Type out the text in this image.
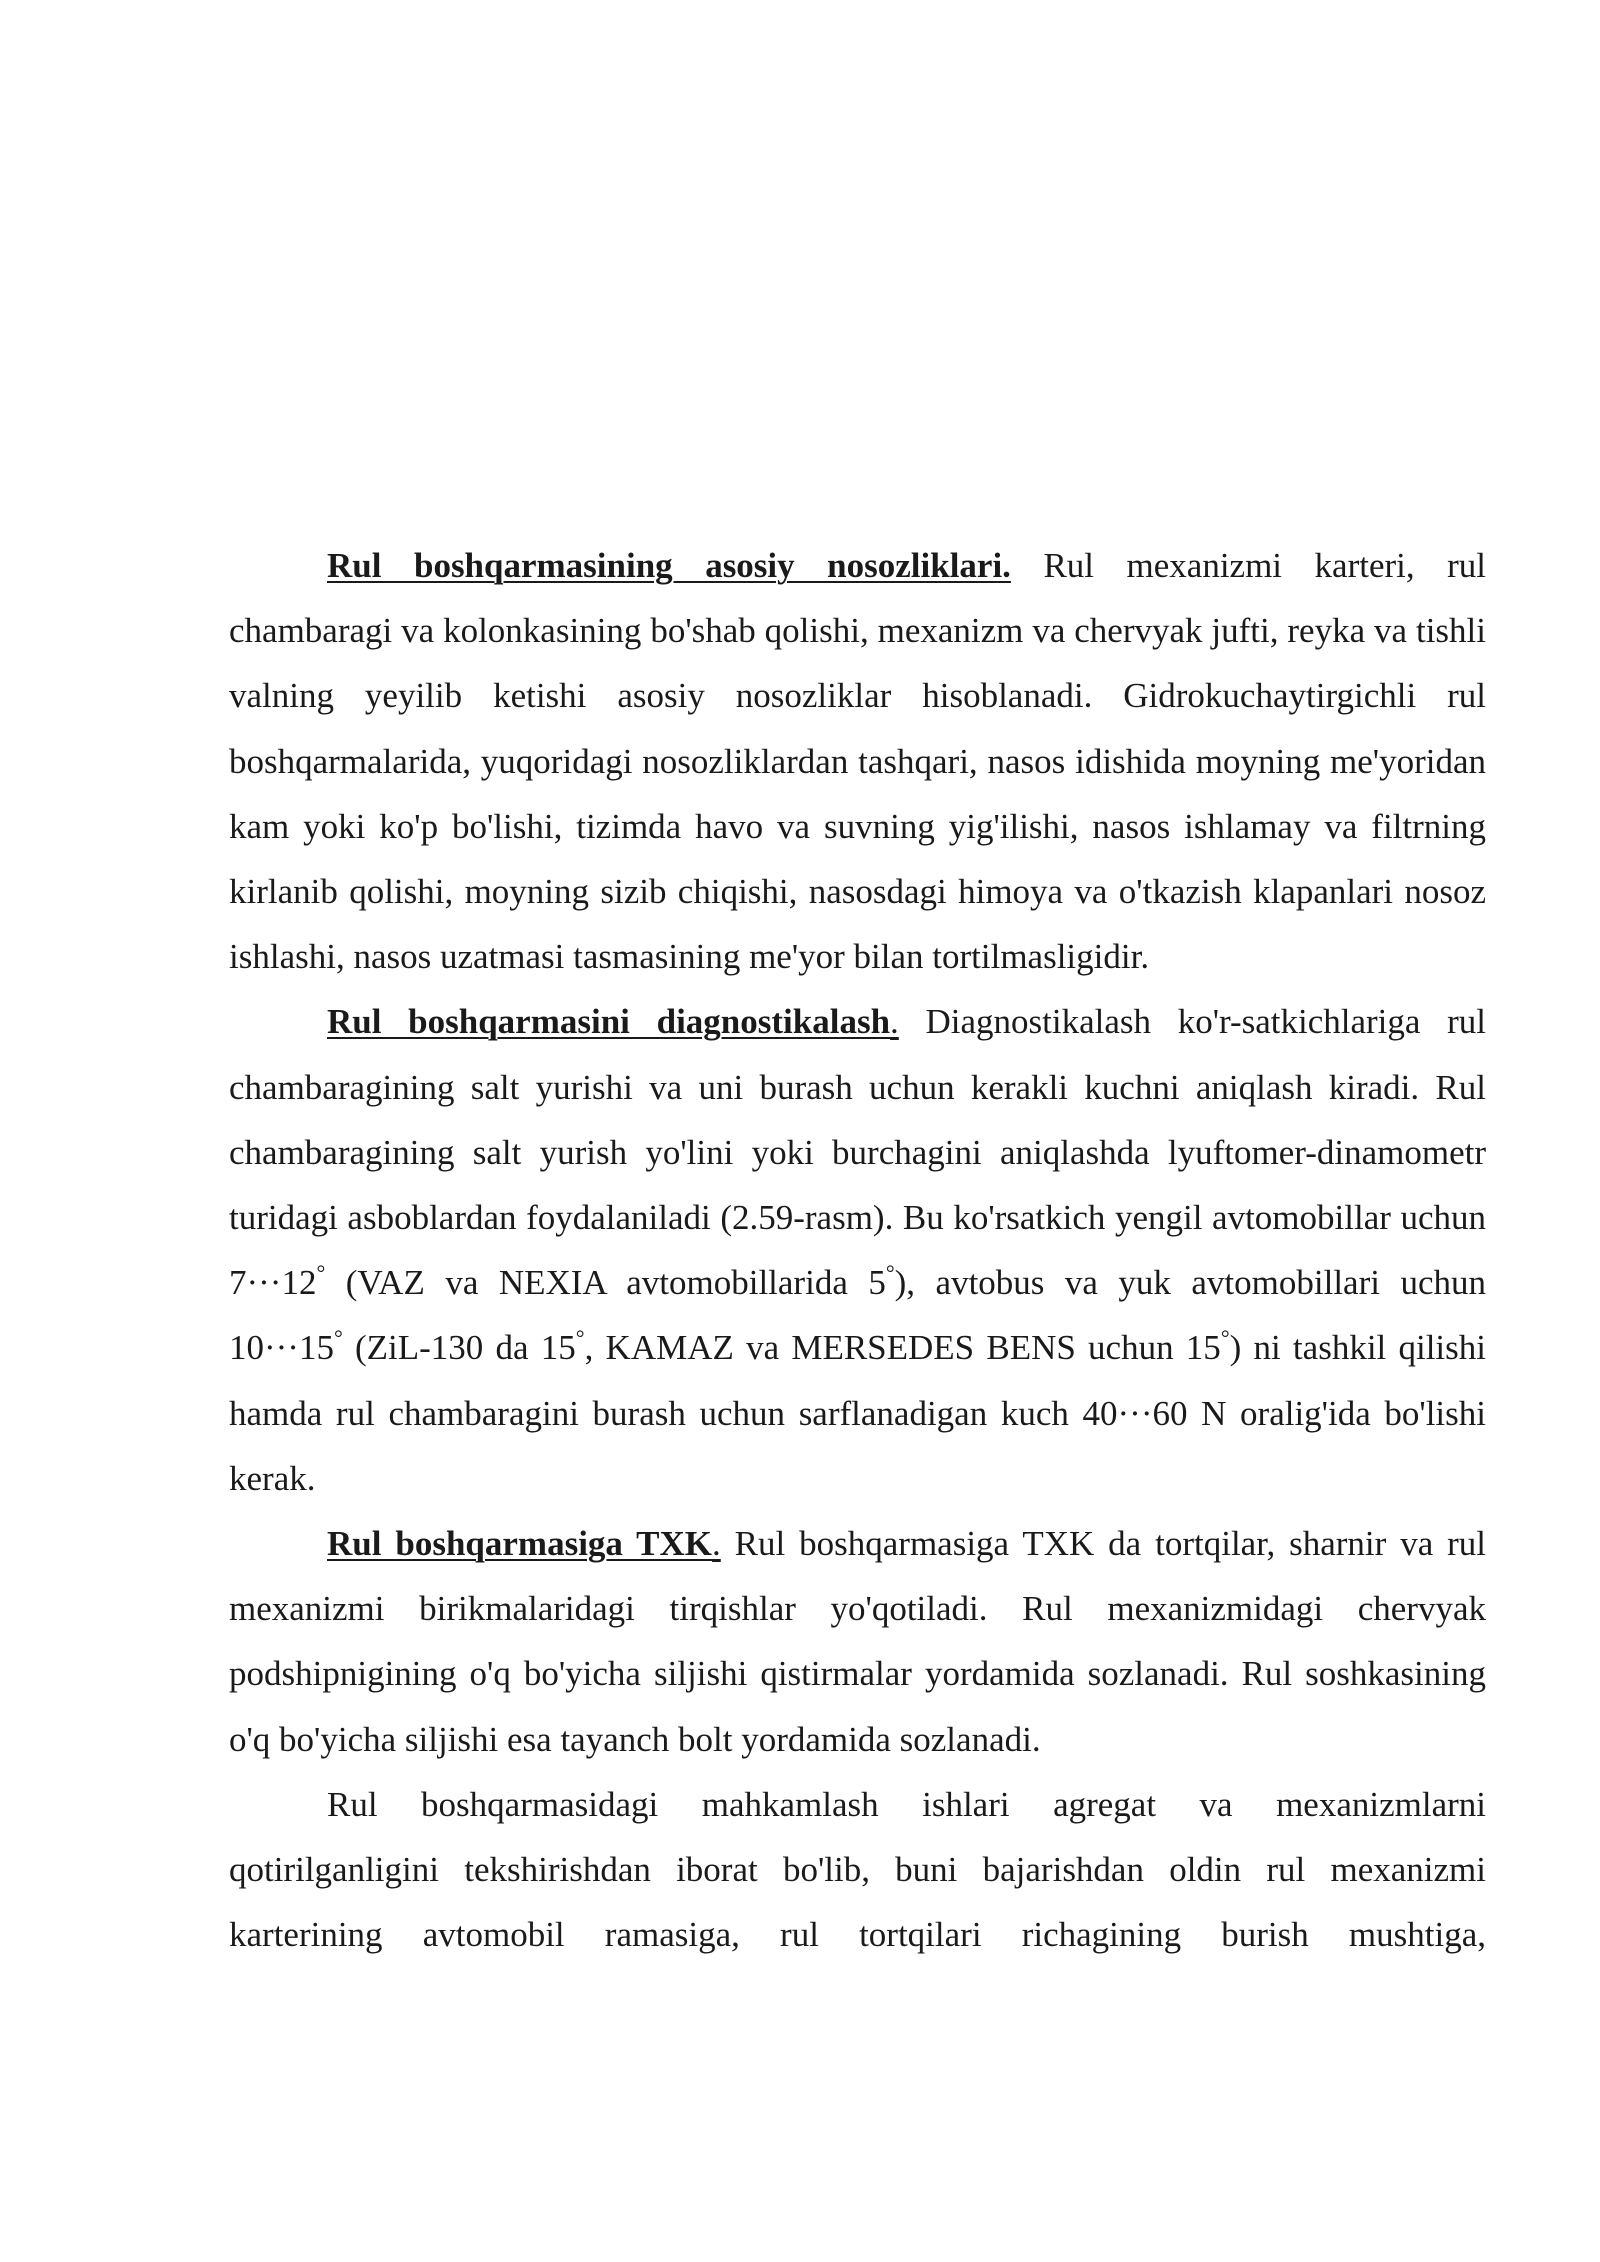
Rul boshqarmasining asosiy nosozliklari. Rul mexanizmi karteri, rul chambaragi va kolonkasining bo'shab qolishi, mexanizm va chervyak jufti, reyka va tishli valning yeyilib ketishi asosiy nosozliklar hisoblanadi. Gidrokuchaytirgichli rul boshqarmalarida, yuqoridagi nosozliklardan tashqari, nasos idishida moyning me'yoridan kam yoki ko'p bo'lishi, tizimda havo va suvning yig'ilishi, nasos ishlamay va filtrning kirlanib qolishi, moyning sizib chiqishi, nasosdagi himoya va o'tkazish klapanlari nosoz ishlashi, nasos uzatmasi tasmasining me'yor bilan tortilmasligidir.

Rul boshqarmasini diagnostikalash. Diagnostikalash ko'r-satkichlariga rul chambaragining salt yurishi va uni burash uchun kerakli kuchni aniqlash kiradi. Rul chambaragining salt yurish yo'lini yoki burchagini aniqlashda lyuftomer-dinamometr turidagi asboblardan foydalaniladi (2.59-rasm). Bu ko'rsatkich yengil avtomobillar uchun 7···12° (VAZ va NEXIA avtomobillarida 5°), avtobus va yuk avtomobillari uchun 10···15° (ZiL-130 da 15°, KAMAZ va MERSEDES BENS uchun 15°) ni tashkil qilishi hamda rul chambaragini burash uchun sarflanadigan kuch 40···60 N oralig'ida bo'lishi kerak.

Rul boshqarmasiga TXK. Rul boshqarmasiga TXK da tortqilar, sharnir va rul mexanizmi birikmalaridagi tirqishlar yo'qotiladi. Rul mexanizmidagi chervyak podshipnigining o'q bo'yicha siljishi qistirmalar yordamida sozlanadi. Rul soshkasining o'q bo'yicha siljishi esa tayanch bolt yordamida sozlanadi.

Rul boshqarmasidagi mahkamlash ishlari agregat va mexanizmlarni qotirilganligini tekshirishdan iborat bo'lib, buni bajarishdan oldin rul mexanizmi karterining avtomobil ramasiga, rul tortqilari richagining burish mushtiga,
